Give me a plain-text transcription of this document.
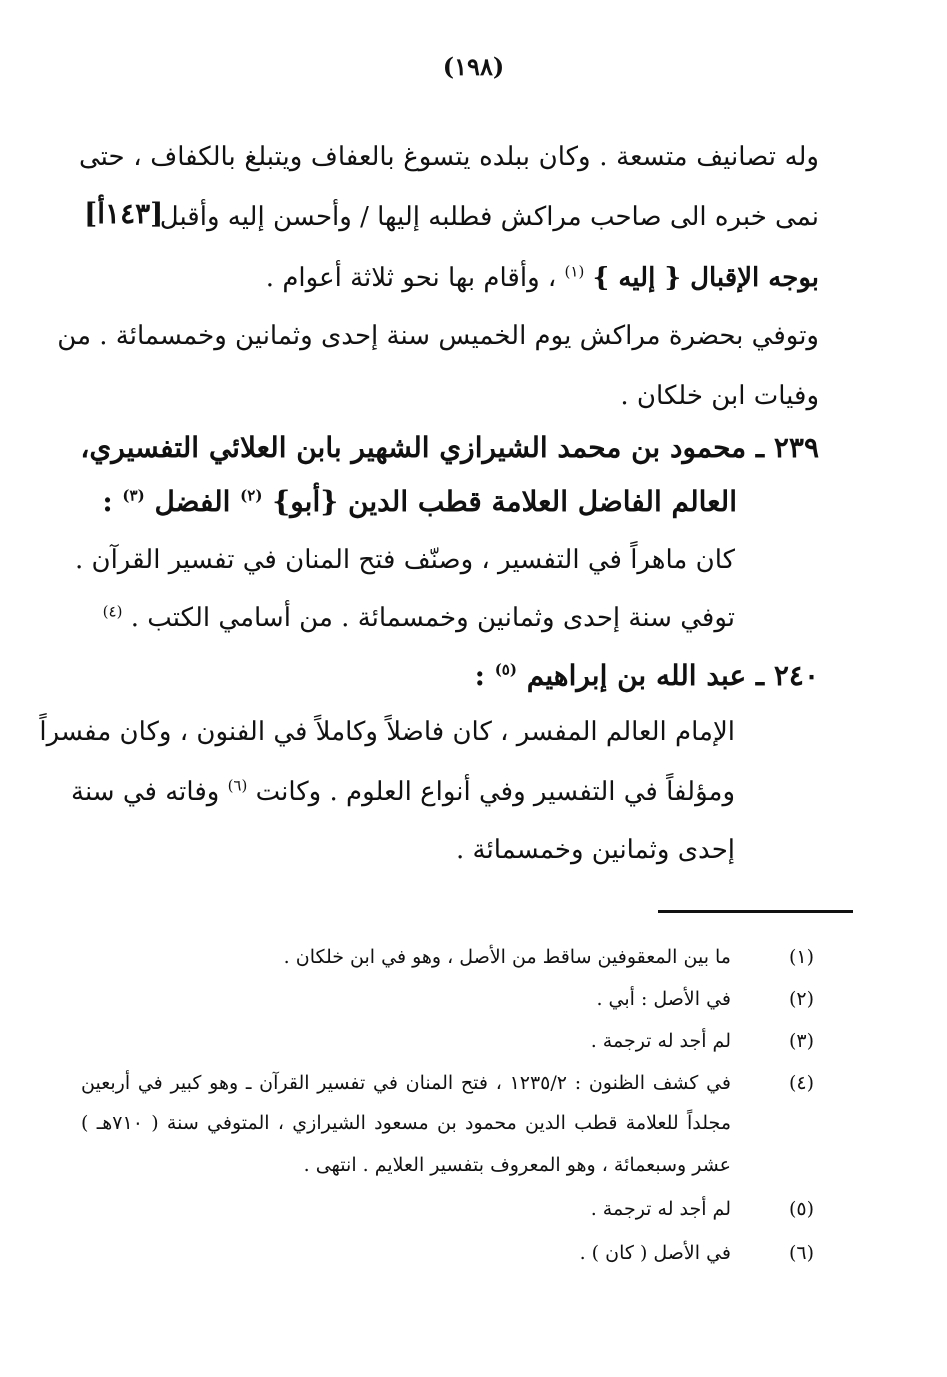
(١٩٨)
وله تصانيف متسعة . وكان ببلده يتسوغ بالعفاف ويتبلغ بالكفاف ، حتى
نمى خبره الى صاحب مراكش فطلبه إليها / وأحسن إليه وأقبل
[١٤٣أ]
بوجه الإقبال { إليه } $^{(١)}$ ، وأقام بها نحو ثلاثة أعوام .
وتوفي بحضرة مراكش يوم الخميس سنة إحدى وثمانين وخمسمائة . من
وفيات ابن خلكان .
٢٣٩ ـ محمود بن محمد الشيرازي الشهير بابن العلائي التفسيري،
العالم الفاضل العلامة قطب الدين {أبو} $^{(٢)}$ الفضل $^{(٣)}$ :
كان ماهراً في التفسير ، وصنّف فتح المنان في تفسير القرآن .
توفي سنة إحدى وثمانين وخمسمائة . من أسامي الكتب . $^{(٤)}$
٢٤٠ ـ عبد الله بن إبراهيم $^{(٥)}$ :
الإمام العالم المفسر ، كان فاضلاً وكاملاً في الفنون ، وكان مفسراً
ومؤلفاً في التفسير وفي أنواع العلوم . وكانت $^{(٦)}$ وفاته في سنة
إحدى وثمانين وخمسمائة .
(١)
ما بين المعقوفين ساقط من الأصل ، وهو في ابن خلكان .
(٢)
في الأصل : أبي .
(٣)
لم أجد له ترجمة .
(٤)
في كشف الظنون : ١٢٣٥/٢ ، فتح المنان في تفسير القرآن ـ وهو كبير في أربعين
مجلداً للعلامة قطب الدين محمود بن مسعود الشيرازي ، المتوفي سنة ( ٧١٠هـ )
عشر وسبعمائة ، وهو المعروف بتفسير العلايم . انتهى .
(٥)
لم أجد له ترجمة .
(٦)
في الأصل ( كان ) .
